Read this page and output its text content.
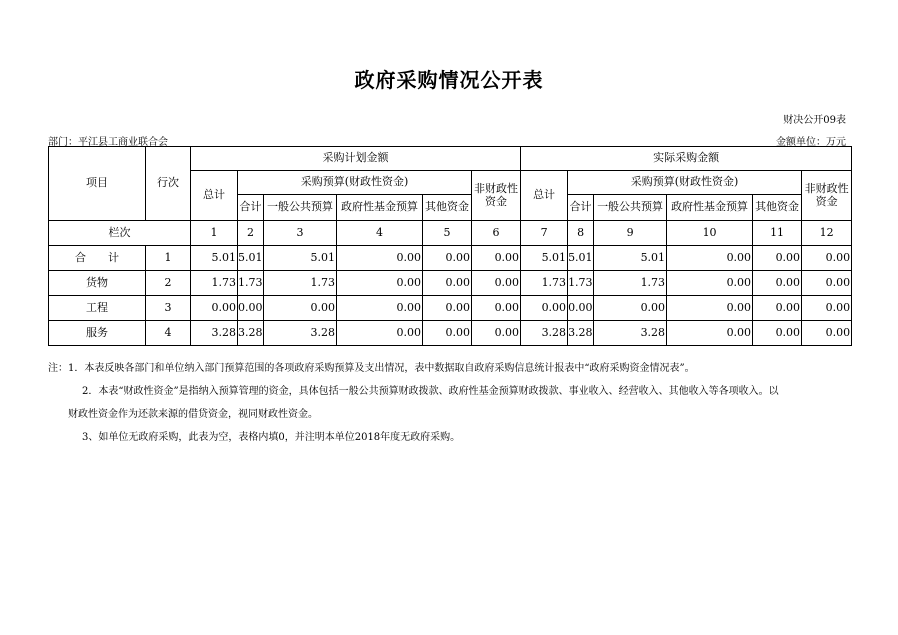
政府采购情况公开表
财决公开09表
部门：平江县工商业联合会	金额单位：万元
项目	行次	采购计划金额						实际采购金额					
		总计	采购预算(财政性资金)				非财政性资金	总计	采购预算(财政性资金)				非财政性资金
			合计	一般公共预算	政府性基金预算	其他资金			合计	一般公共预算	政府性基金预算	其他资金	
栏次		1	2	3	4	5	6	7	8	9	10	11	12
合　　计	1	5.01	5.01	5.01	0.00	0.00	0.00	5.01	5.01	5.01	0.00	0.00	0.00
货物	2	1.73	1.73	1.73	0.00	0.00	0.00	1.73	1.73	1.73	0.00	0.00	0.00
工程	3	0.00	0.00	0.00	0.00	0.00	0.00	0.00	0.00	0.00	0.00	0.00	0.00
服务	4	3.28	3.28	3.28	0.00	0.00	0.00	3.28	3.28	3.28	0.00	0.00	0.00
注：1．本表反映各部门和单位纳入部门预算范围的各项政府采购预算及支出情况，表中数据取自政府采购信息统计报表中“政府采购资金情况表”。
2．本表“财政性资金”是指纳入预算管理的资金，具体包括一般公共预算财政拨款、政府性基金预算财政拨款、事业收入、经营收入、其他收入等各项收入。以
财政性资金作为还款来源的借贷资金，视同财政性资金。
3、如单位无政府采购，此表为空，表格内填0，并注明本单位2018年度无政府采购。
